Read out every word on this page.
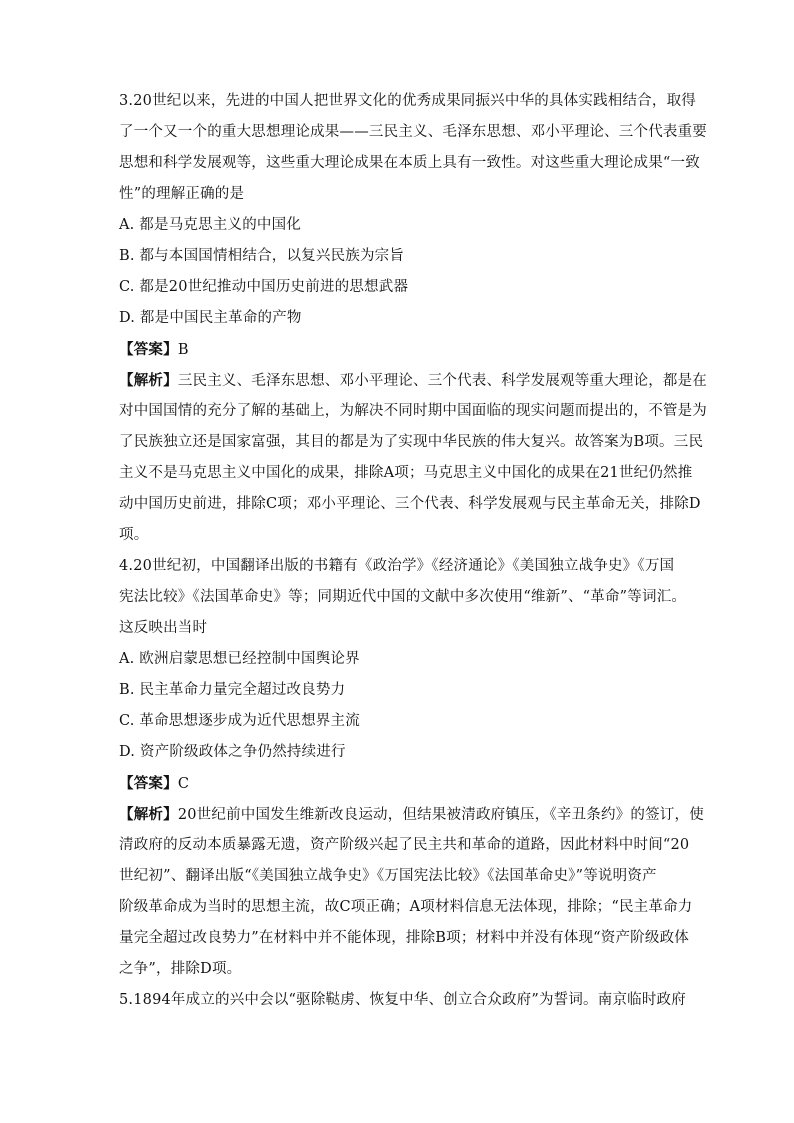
3.20世纪以来，先进的中国人把世界文化的优秀成果同振兴中华的具体实践相结合，取得
了一个又一个的重大思想理论成果——三民主义、毛泽东思想、邓小平理论、三个代表重要
思想和科学发展观等，这些重大理论成果在本质上具有一致性。对这些重大理论成果“一致
性”的理解正确的是
A. 都是马克思主义的中国化
B. 都与本国国情相结合，以复兴民族为宗旨
C. 都是20世纪推动中国历史前进的思想武器
D. 都是中国民主革命的产物
【答案】B
【解析】三民主义、毛泽东思想、邓小平理论、三个代表、科学发展观等重大理论，都是在
对中国国情的充分了解的基础上，为解决不同时期中国面临的现实问题而提出的，不管是为
了民族独立还是国家富强，其目的都是为了实现中华民族的伟大复兴。故答案为B项。三民
主义不是马克思主义中国化的成果，排除A项；马克思主义中国化的成果在21世纪仍然推
动中国历史前进，排除C项；邓小平理论、三个代表、科学发展观与民主革命无关，排除D
项。
4.20世纪初，中国翻译出版的书籍有《政治学》《经济通论》《美国独立战争史》《万国
宪法比较》《法国革命史》等；同期近代中国的文献中多次使用“维新”、“革命”等词汇。
这反映出当时
A. 欧洲启蒙思想已经控制中国舆论界
B. 民主革命力量完全超过改良势力
C. 革命思想逐步成为近代思想界主流
D. 资产阶级政体之争仍然持续进行
【答案】C
【解析】20世纪前中国发生维新改良运动，但结果被清政府镇压，《辛丑条约》的签订，使
清政府的反动本质暴露无遗，资产阶级兴起了民主共和革命的道路，因此材料中时间“20
世纪初”、翻译出版“《美国独立战争史》《万国宪法比较》《法国革命史》”等说明资产
阶级革命成为当时的思想主流，故C项正确；A项材料信息无法体现，排除；“民主革命力
量完全超过改良势力”在材料中并不能体现，排除B项；材料中并没有体现“资产阶级政体
之争”，排除D项。
5.1894年成立的兴中会以“驱除鞑虏、恢复中华、创立合众政府”为誓词。南京临时政府
